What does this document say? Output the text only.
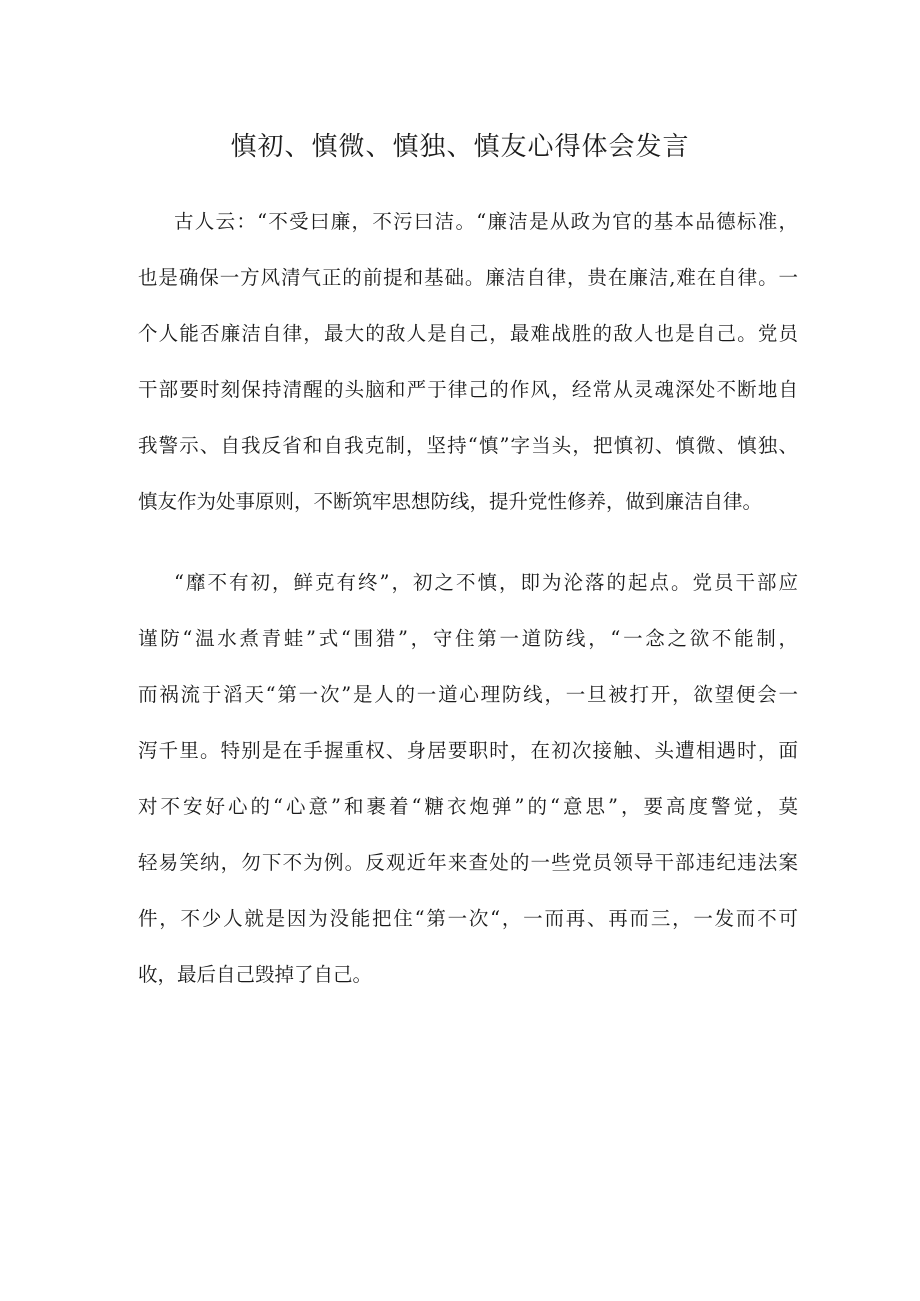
慎初、慎微、慎独、慎友心得体会发言
古人云：“不受曰廉，不污曰洁。“廉洁是从政为官的基本品德标准，
也是确保一方风清气正的前提和基础。廉洁自律，贵在廉洁,难在自律。一
个人能否廉洁自律，最大的敌人是自己，最难战胜的敌人也是自己。党员
干部要时刻保持清醒的头脑和严于律己的作风，经常从灵魂深处不断地自
我警示、自我反省和自我克制，坚持“慎”字当头，把慎初、慎微、慎独、
慎友作为处事原则，不断筑牢思想防线，提升党性修养，做到廉洁自律。
“靡不有初，鲜克有终”，初之不慎，即为沦落的起点。党员干部应
谨防“温水煮青蛙”式“围猎”，守住第一道防线，“一念之欲不能制，
而祸流于滔天“第一次”是人的一道心理防线，一旦被打开，欲望便会一
泻千里。特别是在手握重权、身居要职时，在初次接触、头遭相遇时，面
对不安好心的“心意”和裹着“糖衣炮弹”的“意思”，要高度警觉，莫
轻易笑纳，勿下不为例。反观近年来查处的一些党员领导干部违纪违法案
件，不少人就是因为没能把住“第一次“，一而再、再而三，一发而不可
收，最后自己毁掉了自己。
